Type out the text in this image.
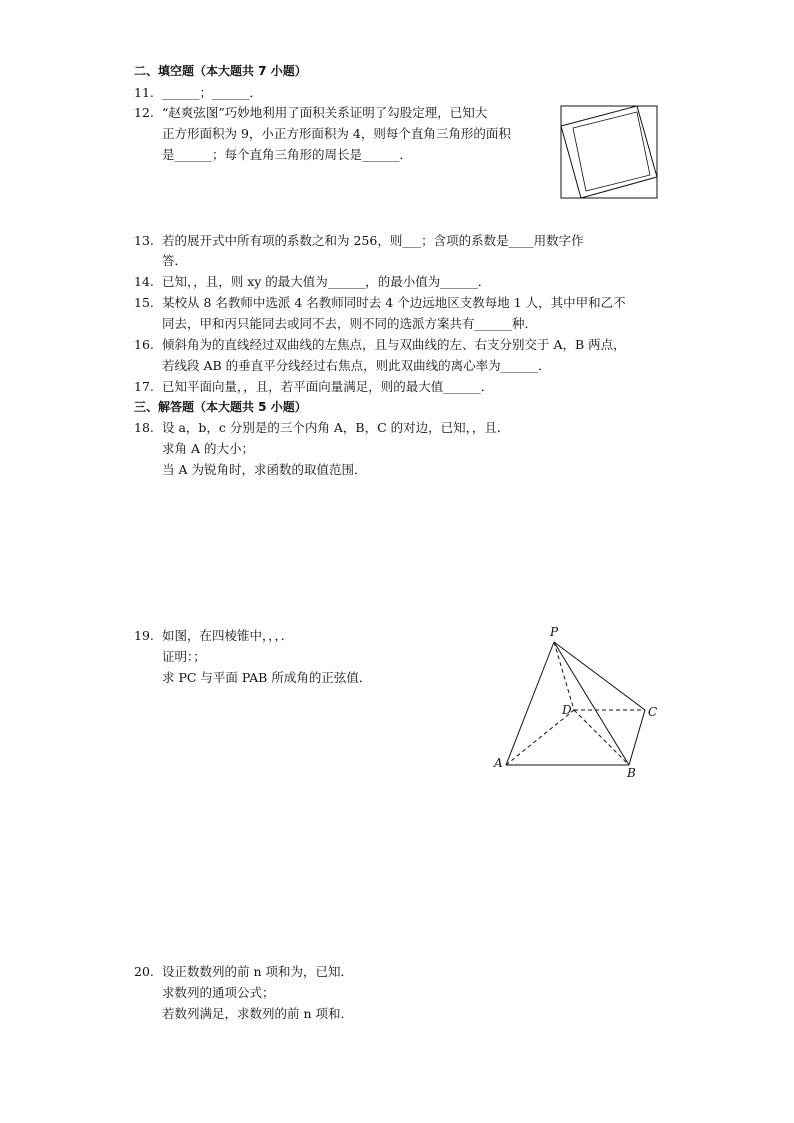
二、填空题（本大题共 7 小题）
11. ______；______．
12. “赵爽弦图”巧妙地利用了面积关系证明了勾股定理，已知大
正方形面积为 9，小正方形面积为 4，则每个直角三角形的面积
是______；每个直角三角形的周长是______．
13. 若的展开式中所有项的系数之和为 256，则___；含项的系数是____用数字作
答．
14. 已知，，且，则 xy 的最大值为______，的最小值为______．
15. 某校从 8 名教师中选派 4 名教师同时去 4 个边远地区支教每地 1 人，其中甲和乙不
同去，甲和丙只能同去或同不去，则不同的选派方案共有______种．
16. 倾斜角为的直线经过双曲线的左焦点，且与双曲线的左、右支分别交于 A，B 两点，
若线段 AB 的垂直平分线经过右焦点，则此双曲线的离心率为______．
17. 已知平面向量，，且，若平面向量满足，则的最大值______．
三、解答题（本大题共 5 小题）
18. 设 a，b，c 分别是的三个内角 A，B，C 的对边，已知，，且．
求角 A 的大小；
当 A 为锐角时，求函数的取值范围．
19. 如图，在四棱锥中，，，．
证明：；
求 PC 与平面 PAB 所成角的正弦值．
P
D	C
A
B
20. 设正数数列的前 n 项和为，已知．
求数列的通项公式；
若数列满足，求数列的前 n 项和．
